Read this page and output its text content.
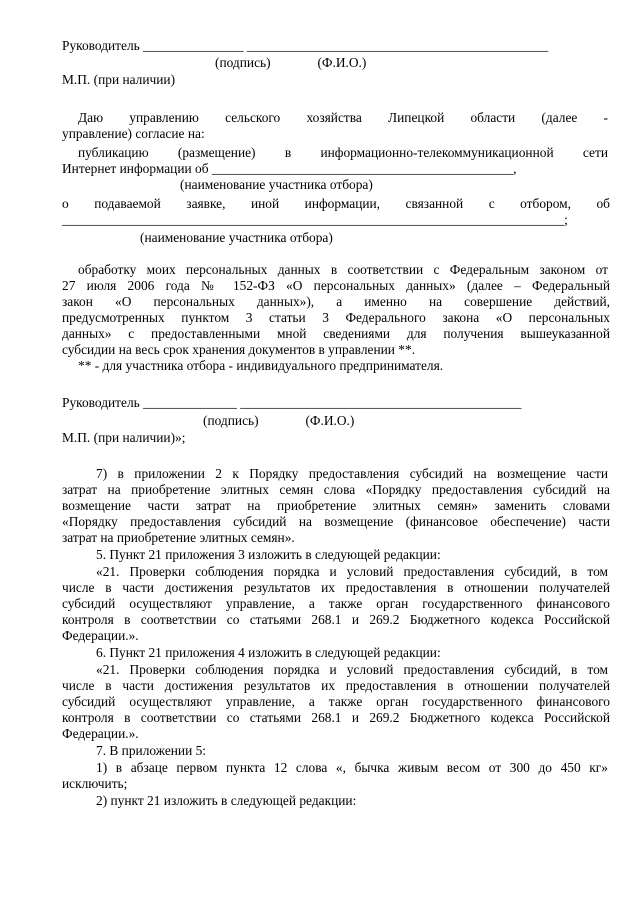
Руководитель _______________ _____________________________________________
(подпись)              (Ф.И.О.)
М.П. (при наличии)
Даю управлению сельского хозяйства Липецкой области (далее -
управление) согласие на:
публикацию (размещение) в информационно-телекоммуникационной сети
Интернет информации об _____________________________________________,
(наименование участника отбора)
о подаваемой заявке, иной информации, связанной с отбором, об
___________________________________________________________________________;
(наименование участника отбора)
обработку моих персональных данных в соответствии с Федеральным законом от
27 июля 2006 года № 152-ФЗ «О персональных данных» (далее – Федеральный
закон «О персональных данных»), а именно на совершение действий,
предусмотренных пунктом 3 статьи 3 Федерального закона «О персональных
данных» с предоставленными мной сведениями для получения вышеуказанной
субсидии на весь срок хранения документов в управлении **.
** - для участника отбора - индивидуального предпринимателя.
Руководитель ______________ __________________________________________
(подпись)              (Ф.И.О.)
М.П. (при наличии)»;
7) в приложении 2 к Порядку предоставления субсидий на возмещение части
затрат на приобретение элитных семян слова «Порядку предоставления субсидий на
возмещение части затрат на приобретение элитных семян» заменить словами
«Порядку предоставления субсидий на возмещение (финансовое обеспечение) части
затрат на приобретение элитных семян».
5. Пункт 21 приложения 3 изложить в следующей редакции:
«21. Проверки соблюдения порядка и условий предоставления субсидий, в том
числе в части достижения результатов их предоставления в отношении получателей
субсидий осуществляют управление, а также орган государственного финансового
контроля в соответствии со статьями 268.1 и 269.2 Бюджетного кодекса Российской
Федерации.».
6. Пункт 21 приложения 4 изложить в следующей редакции:
«21. Проверки соблюдения порядка и условий предоставления субсидий, в том
числе в части достижения результатов их предоставления в отношении получателей
субсидий осуществляют управление, а также орган государственного финансового
контроля в соответствии со статьями 268.1 и 269.2 Бюджетного кодекса Российской
Федерации.».
7. В приложении 5:
1) в абзаце первом пункта 12 слова «, бычка живым весом от 300 до 450 кг»
исключить;
2) пункт 21 изложить в следующей редакции:
